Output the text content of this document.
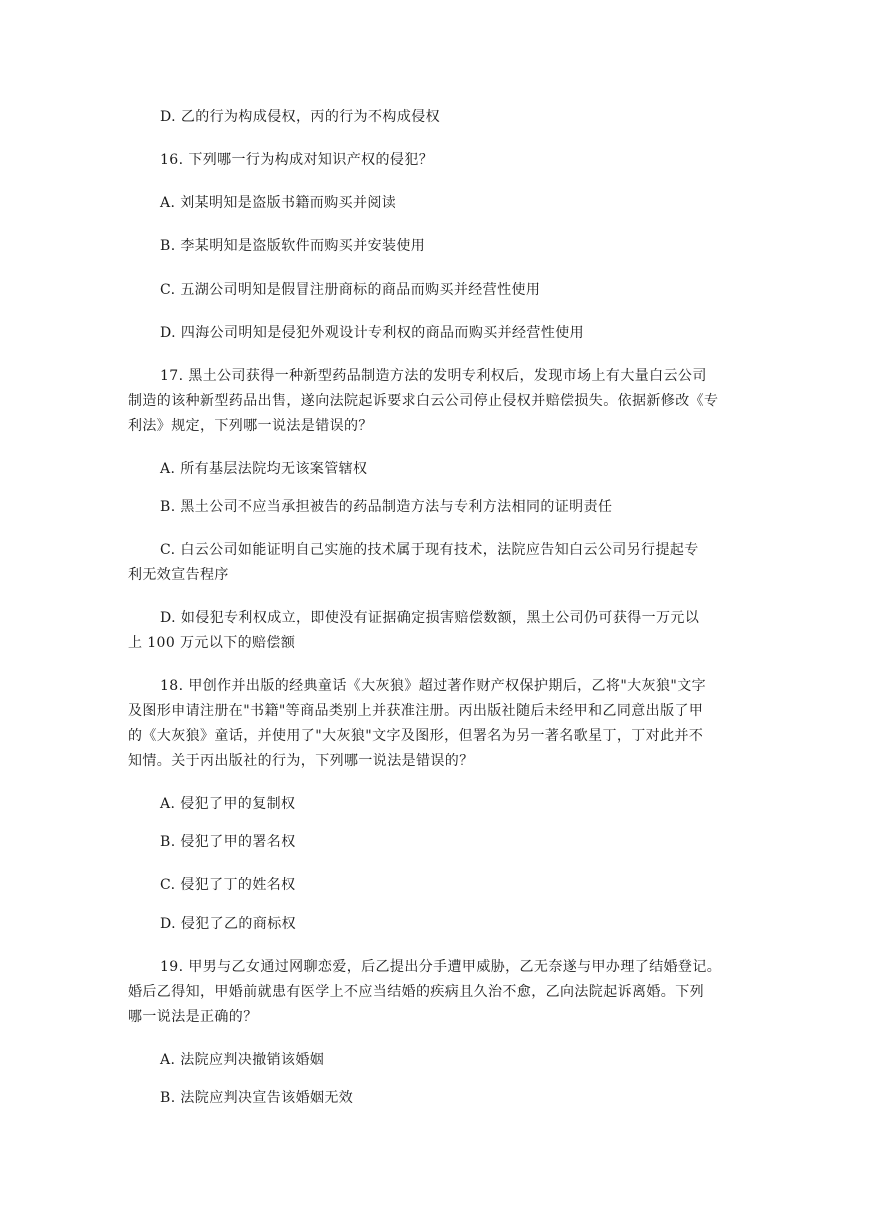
D. 乙的行为构成侵权，丙的行为不构成侵权
16. 下列哪一行为构成对知识产权的侵犯？
A. 刘某明知是盗版书籍而购买并阅读
B. 李某明知是盗版软件而购买并安装使用
C. 五湖公司明知是假冒注册商标的商品而购买并经营性使用
D. 四海公司明知是侵犯外观设计专利权的商品而购买并经营性使用
17. 黑土公司获得一种新型药品制造方法的发明专利权后，发现市场上有大量白云公司
制造的该种新型药品出售，遂向法院起诉要求白云公司停止侵权并赔偿损失。依据新修改《专
利法》规定，下列哪一说法是错误的？
A. 所有基层法院均无该案管辖权
B. 黑土公司不应当承担被告的药品制造方法与专利方法相同的证明责任
C. 白云公司如能证明自己实施的技术属于现有技术，法院应告知白云公司另行提起专
利无效宣告程序
D. 如侵犯专利权成立，即使没有证据确定损害赔偿数额，黑土公司仍可获得一万元以
上 100 万元以下的赔偿额
18. 甲创作并出版的经典童话《大灰狼》超过著作财产权保护期后，乙将"大灰狼"文字
及图形申请注册在"书籍"等商品类别上并获准注册。丙出版社随后未经甲和乙同意出版了甲
的《大灰狼》童话，并使用了"大灰狼"文字及图形，但署名为另一著名歌星丁，丁对此并不
知情。关于丙出版社的行为，下列哪一说法是错误的？
A. 侵犯了甲的复制权
B. 侵犯了甲的署名权
C. 侵犯了丁的姓名权
D. 侵犯了乙的商标权
19. 甲男与乙女通过网聊恋爱，后乙提出分手遭甲威胁，乙无奈遂与甲办理了结婚登记。
婚后乙得知，甲婚前就患有医学上不应当结婚的疾病且久治不愈，乙向法院起诉离婚。下列
哪一说法是正确的？
A. 法院应判决撤销该婚姻
B. 法院应判决宣告该婚姻无效
